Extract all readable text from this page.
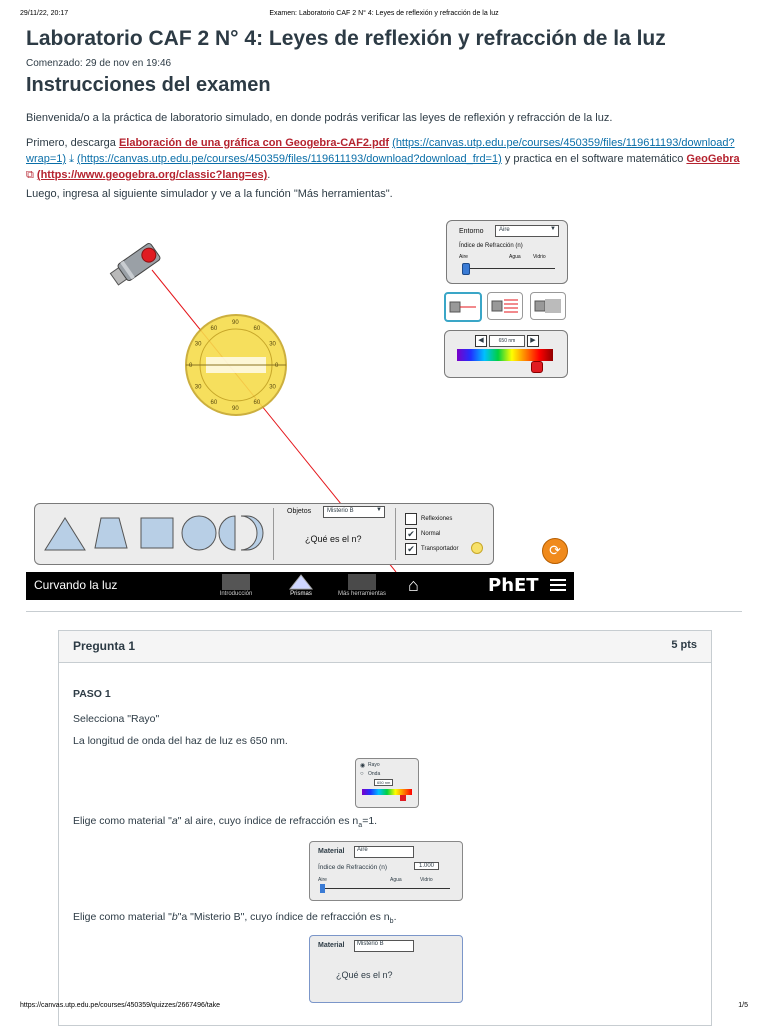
29/11/22, 20:17	Examen: Laboratorio CAF 2 N° 4: Leyes de reflexión y refracción de la luz
Laboratorio CAF 2 N° 4: Leyes de reflexión y refracción de la luz
Comenzado: 29 de nov en 19:46
Instrucciones del examen
Bienvenida/o a la práctica de laboratorio simulado, en donde podrás verificar las leyes de reflexión y refracción de la luz.
Primero, descarga Elaboración de una gráfica con Geogebra-CAF2.pdf (https://canvas.utp.edu.pe/courses/450359/files/119611193/download?wrap=1) ⤓ (https://canvas.utp.edu.pe/courses/450359/files/119611193/download?download_frd=1) y practica en el software matemático GeoGebra ⧉ (https://www.geogebra.org/classic?lang=es).
Luego, ingresa al siguiente simulador y ve a la función "Más herramientas".
0
30
60
90
60
30
0
30
60
90
60
30
Entorno	Aire	▼
Índice de Refracción (n)
Aire	Agua Vidrio
◀	650 nm	▶
Objetos	Misterio B	▼
¿Qué es el n?
Reflexiones
✔ Normal
✔ Transportador	⟳
Curvando la luz
Introducción	Prismas	Más herramientas	⌂	PhET
Pregunta 1	5 pts
PASO 1
Selecciona "Rayo"
La longitud de onda del haz de luz es 650 nm.
◉ Rayo
○ Onda
650 nm
Elige como material "a" al aire, cuyo índice de refracción es $n_a=1$.
Material	Aire
Índice de Refracción (n)	1.000
Aire	Agua	Vidrio
Elige como material "b"a "Misterio B", cuyo índice de refracción es $n_b$.
Material	Misterio B
¿Qué es el n?
https://canvas.utp.edu.pe/courses/450359/quizzes/2667496/take	1/5
